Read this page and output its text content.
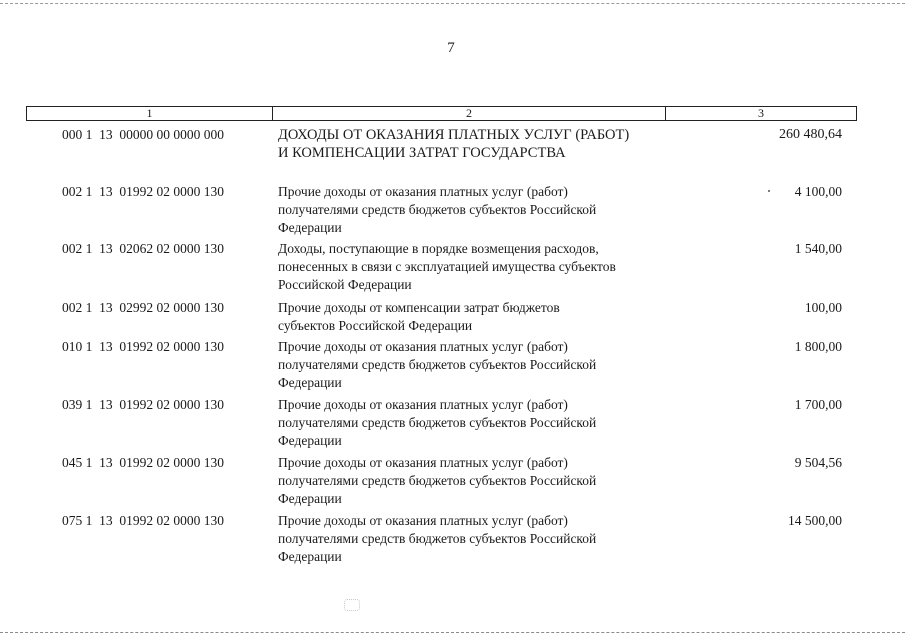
7
1	2	3
000 1  13  00000 00 0000 000	ДОХОДЫ ОТ ОКАЗАНИЯ ПЛАТНЫХ УСЛУГ (РАБОТ)
И КОМПЕНСАЦИИ ЗАТРАТ ГОСУДАРСТВА
260 480,64
002 1  13  01992 02 0000 130	Прочие доходы от оказания платных услуг (работ)
получателями средств бюджетов субъектов Российской
Федерации
4 100,00
002 1  13  02062 02 0000 130	Доходы, поступающие в порядке возмещения расходов,
понесенных в связи с эксплуатацией имущества субъектов
Российской Федерации
1 540,00
002 1  13  02992 02 0000 130	Прочие доходы от компенсации затрат бюджетов
субъектов Российской Федерации
100,00
010 1  13  01992 02 0000 130	Прочие доходы от оказания платных услуг (работ)
получателями средств бюджетов субъектов Российской
Федерации
1 800,00
039 1  13  01992 02 0000 130	Прочие доходы от оказания платных услуг (работ)
получателями средств бюджетов субъектов Российской
Федерации
1 700,00
045 1  13  01992 02 0000 130	Прочие доходы от оказания платных услуг (работ)
получателями средств бюджетов субъектов Российской
Федерации
9 504,56
075 1  13  01992 02 0000 130	Прочие доходы от оказания платных услуг (работ)
получателями средств бюджетов субъектов Российской
Федерации
14 500,00
